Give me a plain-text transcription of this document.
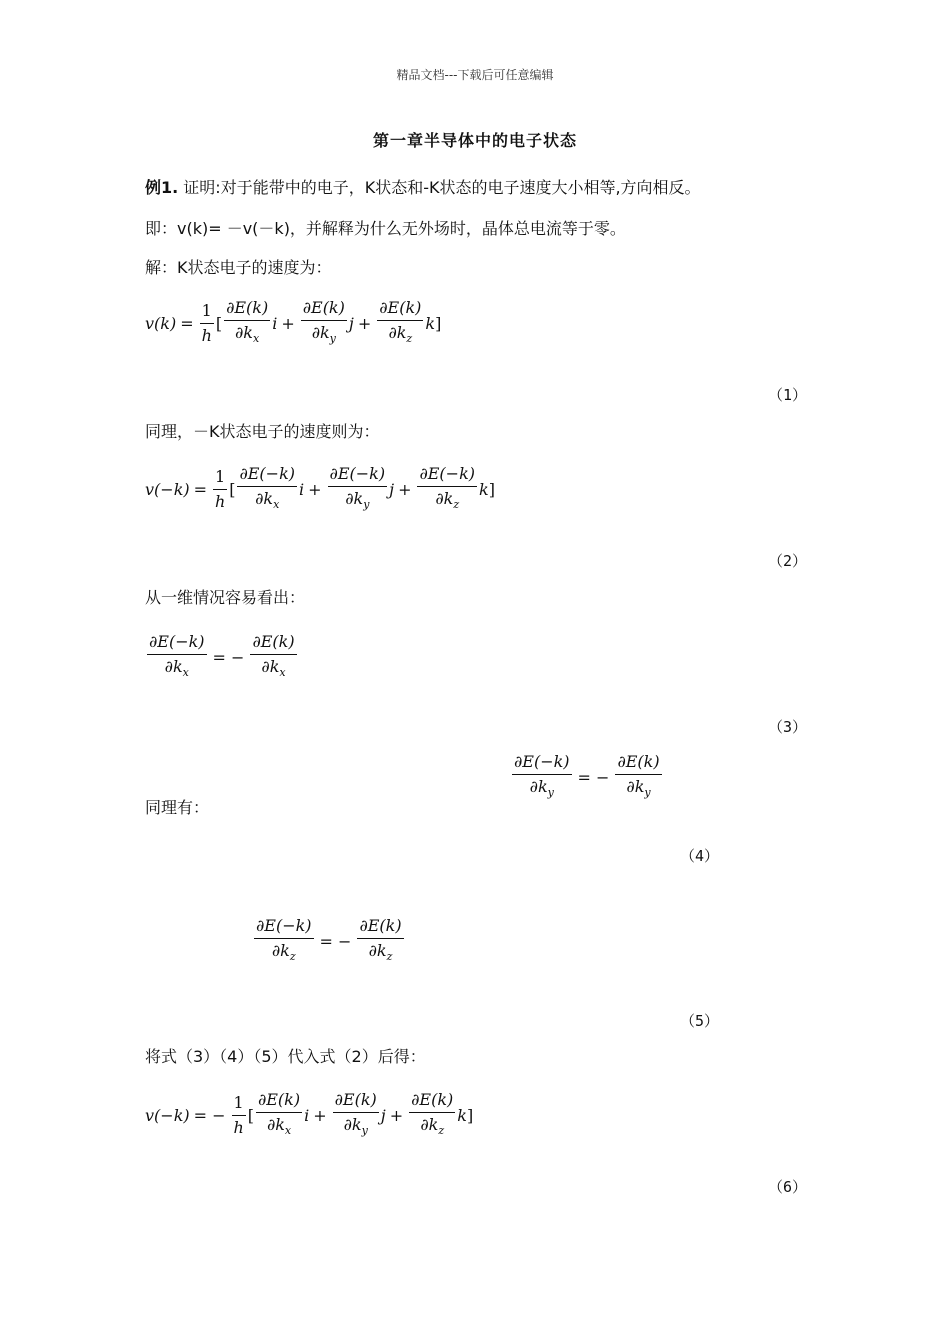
精品文档---下载后可任意编辑
第一章半导体中的电子状态
例1. 证明:对于能带中的电子，K状态和-K状态的电子速度大小相等,方向相反。
即：v(k)= －v(－k)，并解释为什么无外场时，晶体总电流等于零。
解：K状态电子的速度为：
$v(k) = \frac{1}{h}$ [ $\frac{\partial E(k)}{\partial k_x}$ $i + \frac{\partial E(k)}{\partial k_y}$ $j + \frac{\partial E(k)}{\partial k_z}$ k ]
（1）
同理，－K状态电子的速度则为：
$v(-k) = \frac{1}{h}$ [ $\frac{\partial E(-k)}{\partial k_x}$ $i + \frac{\partial E(-k)}{\partial k_y}$ $j + \frac{\partial E(-k)}{\partial k_z}$ k ]
（2）
从一维情况容易看出：
$\frac{\partial E(-k)}{\partial k_x}$ = − $\frac{\partial E(k)}{\partial k_x}$
（3）
$\frac{\partial E(-k)}{\partial k_y}$ = − $\frac{\partial E(k)}{\partial k_y}$
同理有：
（4）
$\frac{\partial E(-k)}{\partial k_z}$ = − $\frac{\partial E(k)}{\partial k_z}$
（5）
将式（3）（4）（5）代入式（2）后得：
v(−k) = − $\frac{1}{h}$ [ $\frac{\partial E(k)}{\partial k_x}$ $i + \frac{\partial E(k)}{\partial k_y}$ $j + \frac{\partial E(k)}{\partial k_z}$ k ]
（6）
